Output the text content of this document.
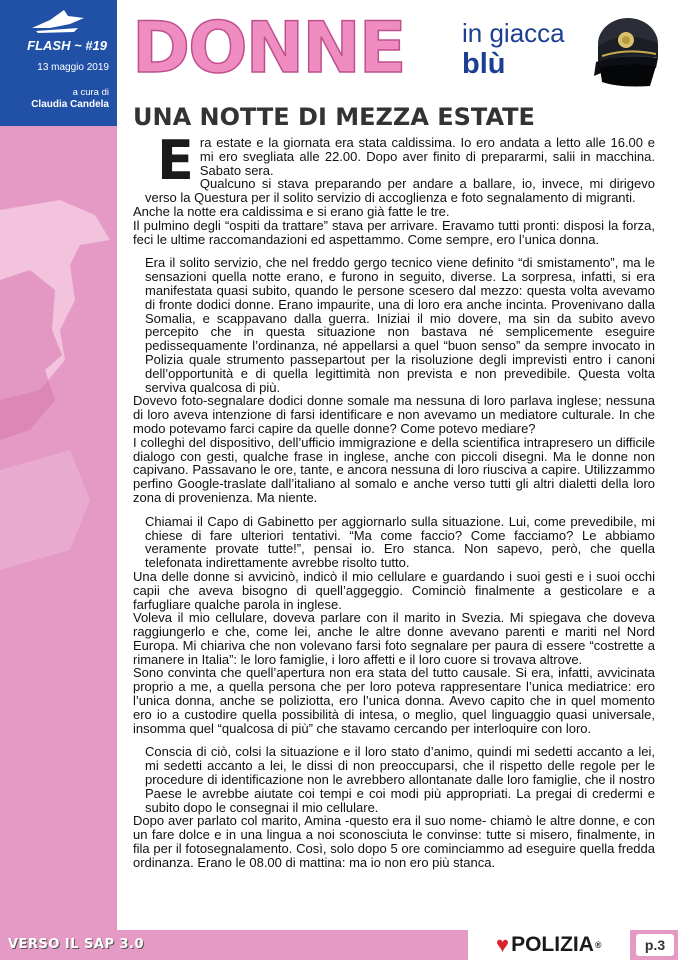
FLASH ~ #19
13 maggio 2019
a cura di
Claudia Candela
DONNE in giacca
blù
UNA NOTTE DI MEZZA ESTATE
E ra estate e la giornata era stata caldissima. Io ero andata a letto alle 16.00 e mi ero svegliata alle 22.00. Dopo aver finito di prepararmi, salii in macchina. Sabato sera.

Qualcuno si stava preparando per andare a ballare, io, invece, mi dirigevo verso la Questura per il solito servizio di accoglienza e foto segnalamento di migranti.

Anche la notte era caldissima e si erano già fatte le tre.

Il pulmino degli “ospiti da trattare” stava per arrivare. Eravamo tutti pronti: disposi la forza, feci le ultime raccomandazioni ed aspettammo. Come sempre, ero l’unica donna.

Era il solito servizio, che nel freddo gergo tecnico viene definito “di smistamento”, ma le sensazioni quella notte erano, e furono in seguito, diverse. La sorpresa, infatti, si era manifestata quasi subito, quando le persone scesero dal mezzo: questa volta avevamo di fronte dodici donne. Erano impaurite, una di loro era anche incinta. Provenivano dalla Somalia, e scappavano dalla guerra. Iniziai il mio dovere, ma sin da subito avevo percepito che in questa situazione non bastava né semplicemente eseguire pedissequamente l’ordinanza, né appellarsi a quel “buon senso” da sempre invocato in Polizia quale strumento passepartout per la risoluzione degli imprevisti entro i canoni dell’opportunità e di quella legittimità non prevista e non prevedibile. Questa volta serviva qualcosa di più.

Dovevo foto-segnalare dodici donne somale ma nessuna di loro parlava inglese; nessuna di loro aveva intenzione di farsi identificare e non avevamo un mediatore culturale. In che modo potevamo farci capire da quelle donne? Come potevo mediare?

I colleghi del dispositivo, dell’ufficio immigrazione e della scientifica intrapresero un difficile dialogo con gesti, qualche frase in inglese, anche con piccoli disegni. Ma le donne non capivano. Passavano le ore, tante, e ancora nessuna di loro riusciva a capire. Utilizzammo perfino Google-traslate dall’italiano al somalo e anche verso tutti gli altri dialetti della loro zona di provenienza. Ma niente.

Chiamai il Capo di Gabinetto per aggiornarlo sulla situazione. Lui, come prevedibile, mi chiese di fare ulteriori tentativi. “Ma come faccio? Come facciamo? Le abbiamo veramente provate tutte!”, pensai io. Ero stanca. Non sapevo, però, che quella telefonata indirettamente avrebbe risolto tutto.

Una delle donne si avvicinò, indicò il mio cellulare e guardando i suoi gesti e i suoi occhi capii che aveva bisogno di quell’aggeggio. Cominciò finalmente a gesticolare e a farfugliare qualche parola in inglese.

Voleva il mio cellulare, doveva parlare con il marito in Svezia. Mi spiegava che doveva raggiungerlo e che, come lei, anche le altre donne avevano parenti e mariti nel Nord Europa. Mi chiariva che non volevano farsi foto segnalare per paura di essere “costrette a rimanere in Italia”: le loro famiglie, i loro affetti e il loro cuore si trovava altrove.

Sono convinta che quell’apertura non era stata del tutto causale. Si era, infatti, avvicinata proprio a me, a quella persona che per loro poteva rappresentare l’unica mediatrice: ero l’unica donna, anche se poliziotta, ero l’unica donna. Avevo capito che in quel momento ero io a custodire quella possibilità di intesa, o meglio, quel linguaggio quasi universale, insomma quel “qualcosa di più” che stavamo cercando per interloquire con loro.

Conscia di ciò, colsi la situazione e il loro stato d’animo, quindi mi sedetti accanto a lei, mi sedetti accanto a lei, le dissi di non preoccuparsi, che il rispetto delle regole per le procedure di identificazione non le avrebbero allontanate dalle loro famiglie, che il nostro Paese le avrebbe aiutate coi tempi e coi modi più appropriati. La pregai di credermi e subito dopo le consegnai il mio cellulare.

Dopo aver parlato col marito, Amina -questo era il suo nome- chiamò le altre donne, e con un fare dolce e in una lingua a noi sconosciuta le convinse: tutte si misero, finalmente, in fila per il fotosegnalamento. Così, solo dopo 5 ore cominciammo ad eseguire quella fredda ordinanza. Erano le 08.00 di mattina: ma io non ero più stanca.

VERSO IL SAP 3.0	♥ POLIZIA ®	p.3
